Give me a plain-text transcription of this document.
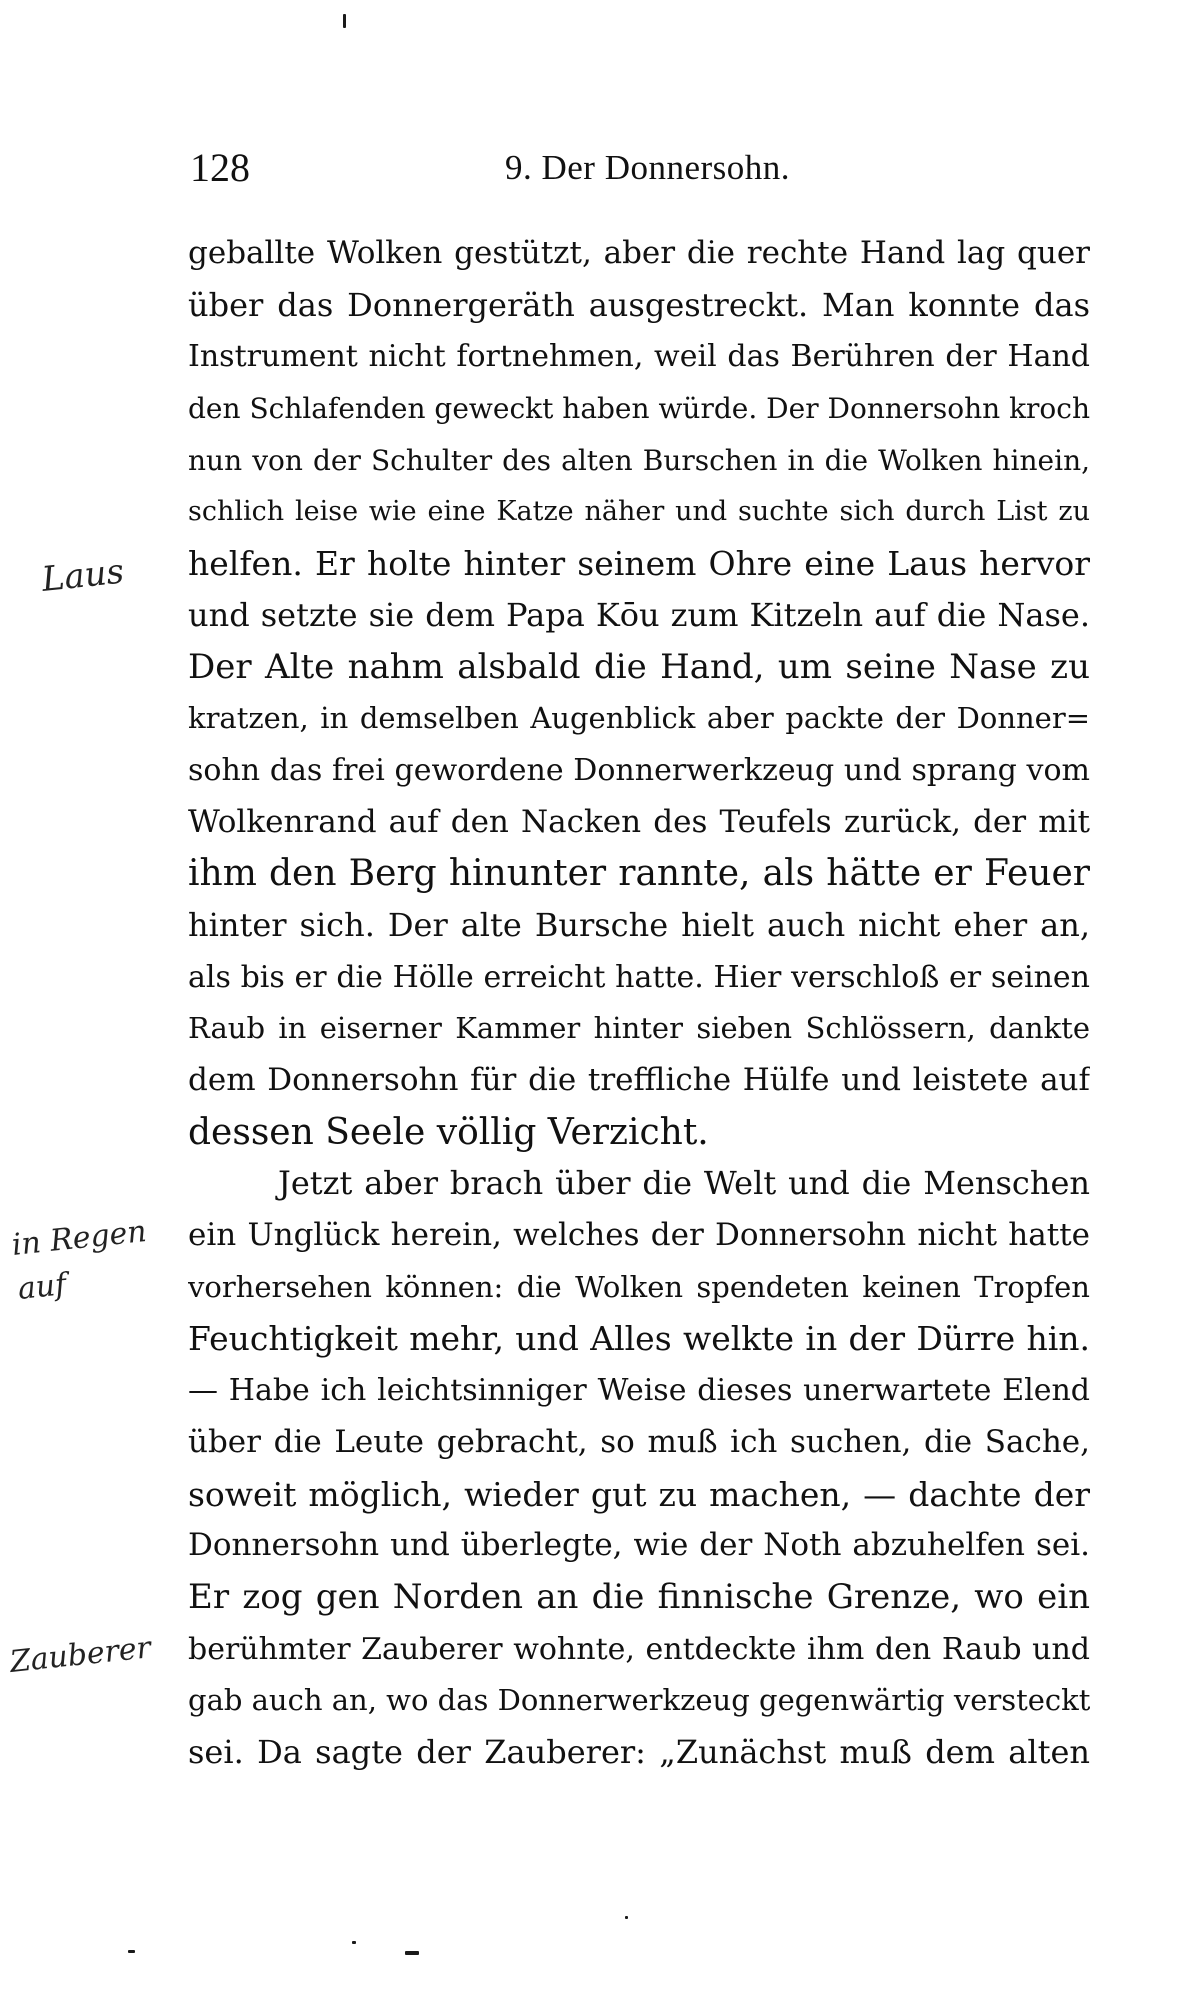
128	9. Der Donnersohn.
geballte Wolken gestützt, aber die rechte Hand lag quer
über das Donnergeräth ausgestreckt. Man konnte das
Instrument nicht fortnehmen, weil das Berühren der Hand
den Schlafenden geweckt haben würde. Der Donnersohn kroch
nun von der Schulter des alten Burschen in die Wolken hinein,
schlich leise wie eine Katze näher und suchte sich durch List zu
helfen. Er holte hinter seinem Ohre eine Laus hervor
und setzte sie dem Papa Kōu zum Kitzeln auf die Nase.
Der Alte nahm alsbald die Hand, um seine Nase zu
kratzen, in demselben Augenblick aber packte der Donner=
sohn das frei gewordene Donnerwerkzeug und sprang vom
Wolkenrand auf den Nacken des Teufels zurück, der mit
ihm den Berg hinunter rannte, als hätte er Feuer
hinter sich. Der alte Bursche hielt auch nicht eher an,
als bis er die Hölle erreicht hatte. Hier verschloß er seinen
Raub in eiserner Kammer hinter sieben Schlössern, dankte
dem Donnersohn für die treffliche Hülfe und leistete auf
dessen Seele völlig Verzicht.
Jetzt aber brach über die Welt und die Menschen
ein Unglück herein, welches der Donnersohn nicht hatte
vorhersehen können: die Wolken spendeten keinen Tropfen
Feuchtigkeit mehr, und Alles welkte in der Dürre hin.
— Habe ich leichtsinniger Weise dieses unerwartete Elend
über die Leute gebracht, so muß ich suchen, die Sache,
soweit möglich, wieder gut zu machen, — dachte der
Donnersohn und überlegte, wie der Noth abzuhelfen sei.
Er zog gen Norden an die finnische Grenze, wo ein
berühmter Zauberer wohnte, entdeckte ihm den Raub und
gab auch an, wo das Donnerwerkzeug gegenwärtig versteckt
sei. Da sagte der Zauberer: „Zunächst muß dem alten
Laus
in Regen
auf
Zauberer
